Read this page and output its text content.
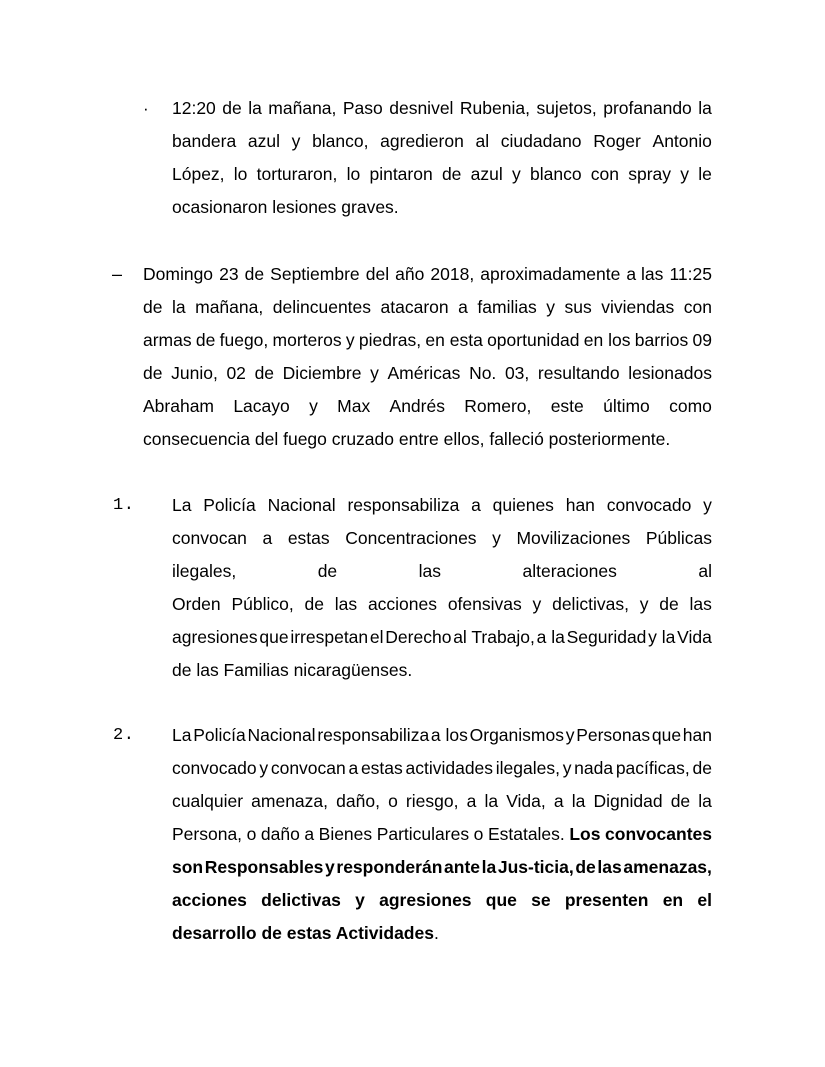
· 12:20 de la mañana, Paso desnivel Rubenia, sujetos, profanando la
bandera azul y blanco, agredieron al ciudadano Roger Antonio
López, lo torturaron, lo pintaron de azul y blanco con spray y le
ocasionaron lesiones graves.
– Domingo 23 de Septiembre del año 2018, aproximadamente a las 11:25
de la mañana, delincuentes atacaron a familias y sus viviendas con
armas de fuego, morteros y piedras, en esta oportunidad en los barrios 09
de Junio, 02 de Diciembre y Américas No. 03, resultando lesionados
Abraham Lacayo y Max Andrés Romero, este último como
consecuencia del fuego cruzado entre ellos, falleció posteriormente.
1. La Policía Nacional responsabiliza a quienes han convocado y
convocan a estas Concentraciones y Movilizaciones Públicas
ilegales,	de	las	alteraciones	al
Orden Público, de las acciones ofensivas y delictivas, y de las
agresiones que irrespetan el Derecho al Trabajo, a la Seguridad y la Vida
de las Familias nicaragüenses.
2. La Policía Nacional responsabiliza a los Organismos y Personas que han
convocado y convocan a estas actividades ilegales, y nada pacíficas, de
cualquier amenaza, daño, o riesgo, a la Vida, a la Dignidad de la
Persona, o daño a Bienes Particulares o Estatales. Los convocantes
son Responsables y responderán ante la Jus-ticia, de las amenazas,
acciones delictivas y agresiones que se presenten en el
desarrollo de estas Actividades .
